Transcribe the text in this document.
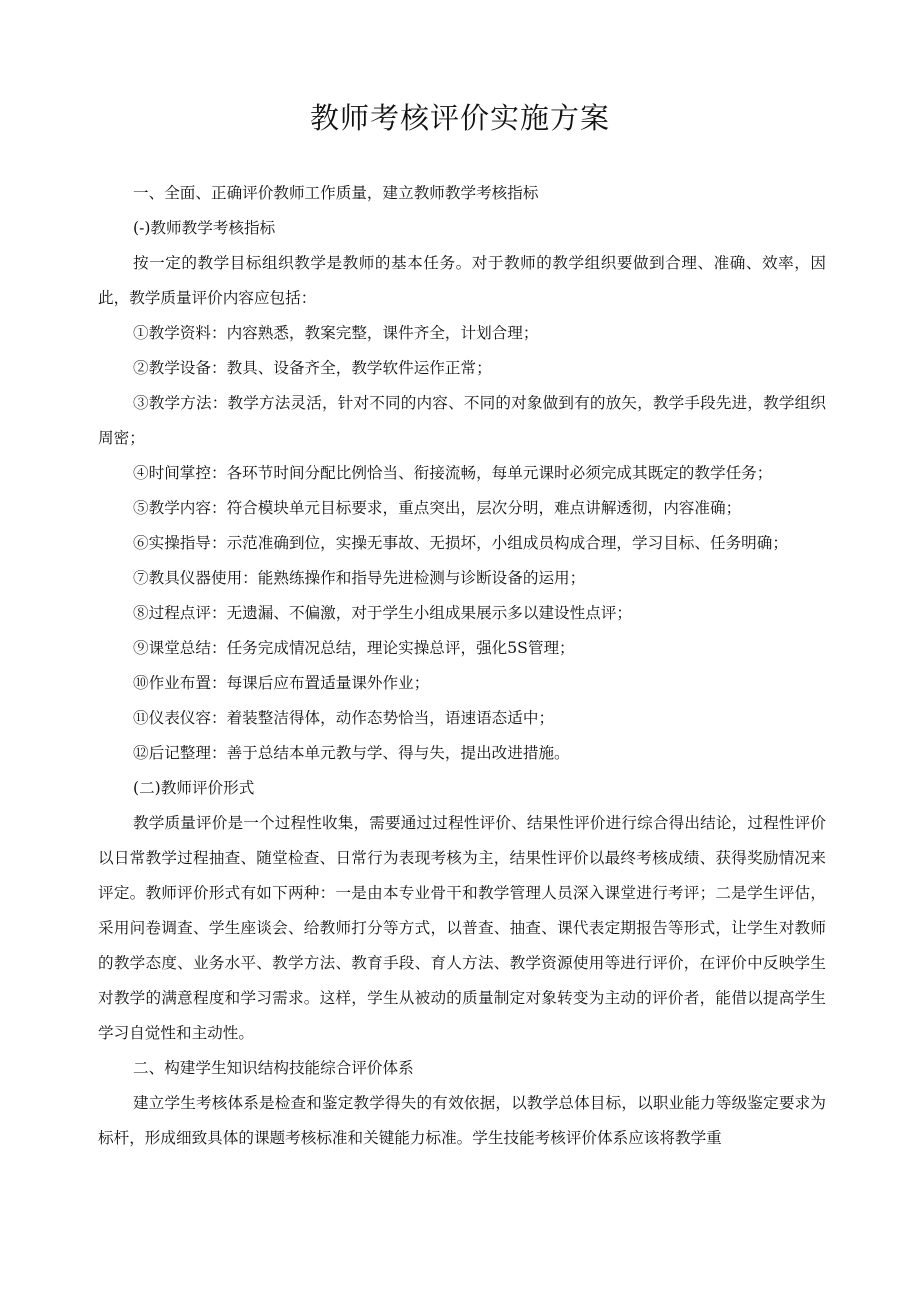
教师考核评价实施方案

一、全面、正确评价教师工作质量，建立教师教学考核指标

(-)教师教学考核指标

按一定的教学目标组织教学是教师的基本任务。对于教师的教学组织要做到合理、准确、效率，因此，教学质量评价内容应包括：

①教学资料：内容熟悉，教案完整，课件齐全，计划合理；

②教学设备：教具、设备齐全，教学软件运作正常；

③教学方法：教学方法灵活，针对不同的内容、不同的对象做到有的放矢，教学手段先进，教学组织周密；

④时间掌控：各环节时间分配比例恰当、衔接流畅，每单元课时必须完成其既定的教学任务；

⑤教学内容：符合模块单元目标要求，重点突出，层次分明，难点讲解透彻，内容准确；

⑥实操指导：示范准确到位，实操无事故、无损坏，小组成员构成合理，学习目标、任务明确；

⑦教具仪器使用：能熟练操作和指导先进检测与诊断设备的运用；

⑧过程点评：无遗漏、不偏激，对于学生小组成果展示多以建设性点评；

⑨课堂总结：任务完成情况总结，理论实操总评，强化5S管理；

⑩作业布置：每课后应布置适量课外作业；

⑪仪表仪容：着装整洁得体，动作态势恰当，语速语态适中；

⑫后记整理：善于总结本单元教与学、得与失，提出改进措施。

(二)教师评价形式

教学质量评价是一个过程性收集，需要通过过程性评价、结果性评价进行综合得出结论，过程性评价以日常教学过程抽查、随堂检查、日常行为表现考核为主，结果性评价以最终考核成绩、获得奖励情况来评定。教师评价形式有如下两种：一是由本专业骨干和教学管理人员深入课堂进行考评；二是学生评估，采用问卷调查、学生座谈会、给教师打分等方式，以普查、抽查、课代表定期报告等形式，让学生对教师的教学态度、业务水平、教学方法、教育手段、育人方法、教学资源使用等进行评价，在评价中反映学生对教学的满意程度和学习需求。这样，学生从被动的质量制定对象转变为主动的评价者，能借以提高学生学习自觉性和主动性。

二、构建学生知识结构技能综合评价体系

建立学生考核体系是检查和鉴定教学得失的有效依据，以教学总体目标，以职业能力等级鉴定要求为标杆，形成细致具体的课题考核标准和关键能力标准。学生技能考核评价体系应该将教学重
